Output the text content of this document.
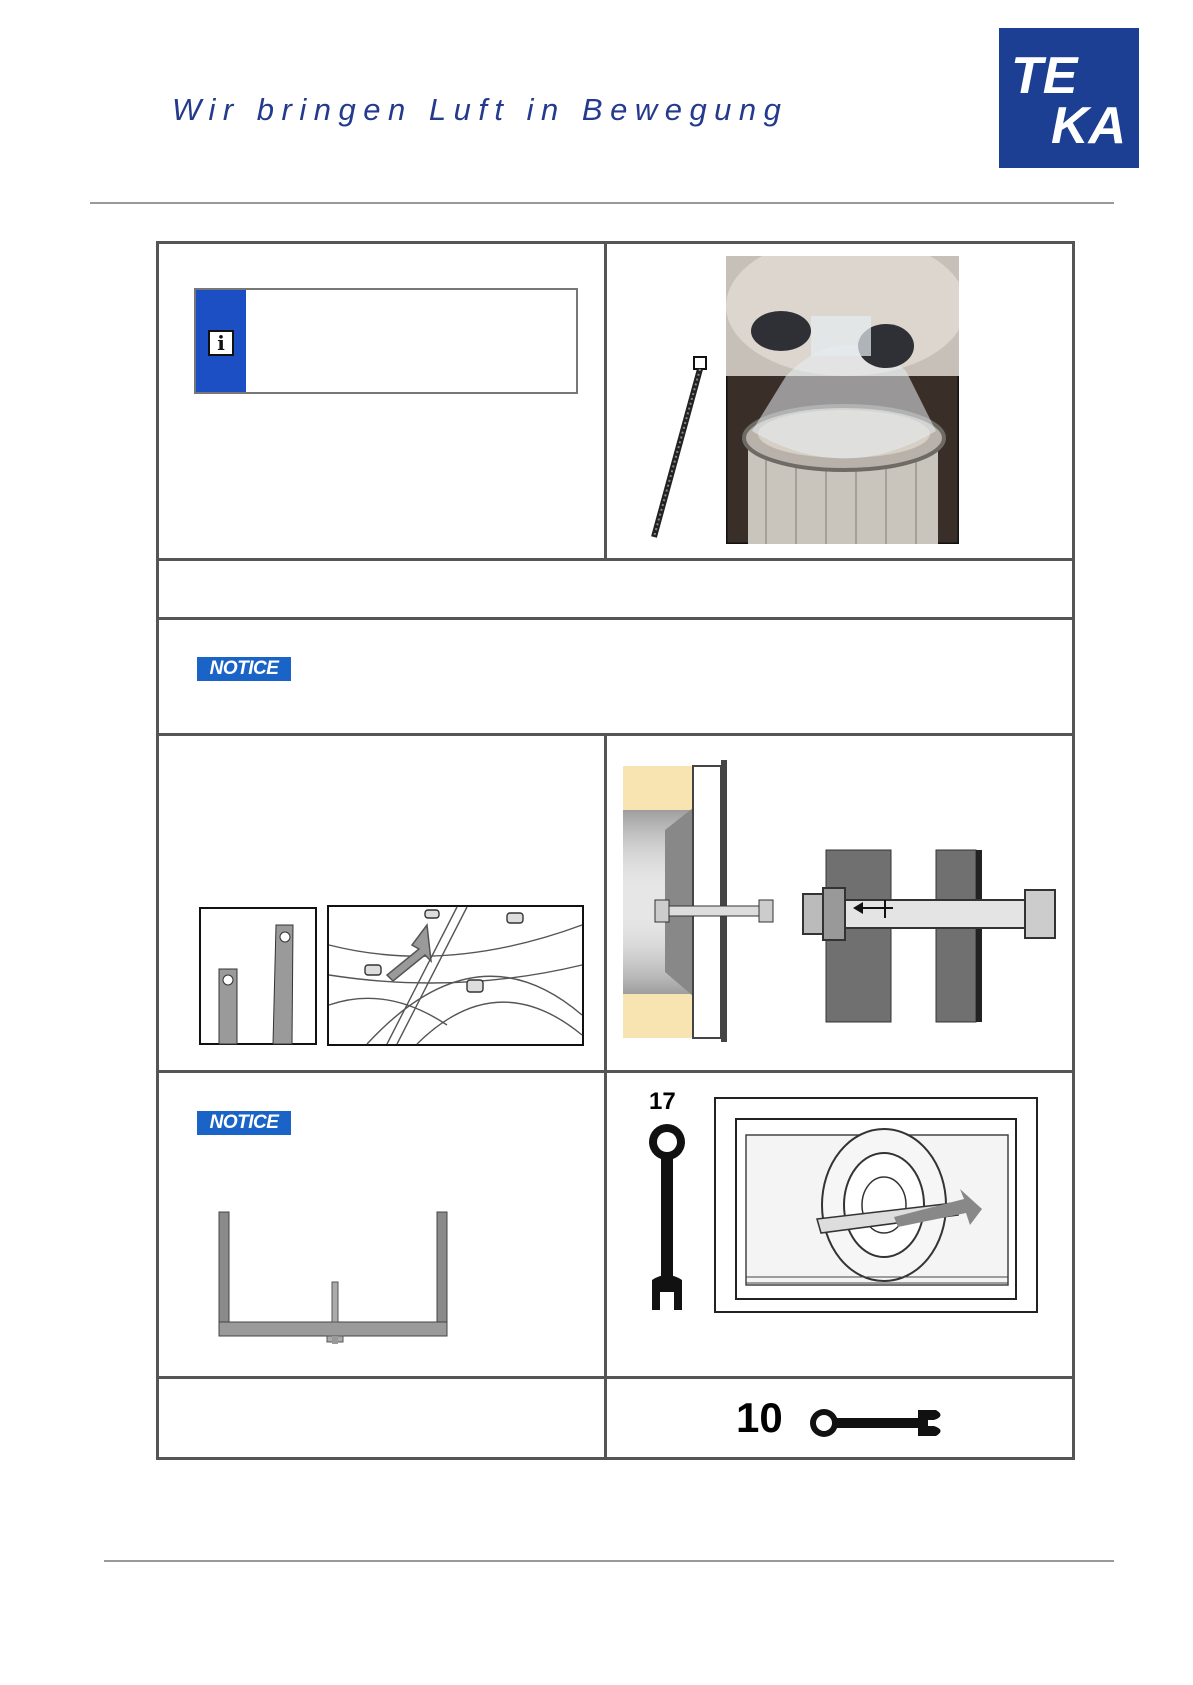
Wir bringen Luft in Bewegung
TE
KA
i
NOTICE
NOTICE
17
10
